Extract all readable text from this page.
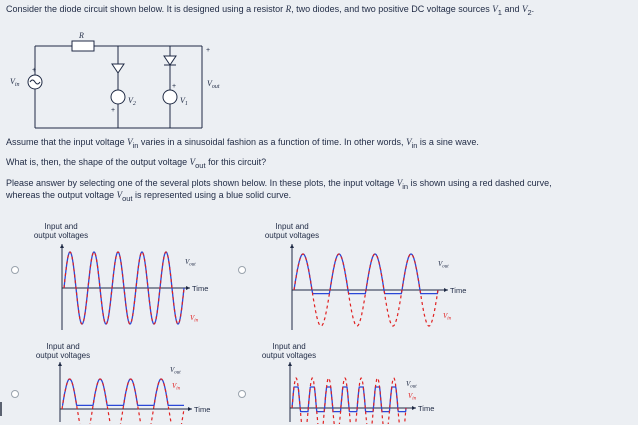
Consider the diode circuit shown below. It is designed using a resistor R, two diodes, and two positive DC voltage sources $V_1$ and $V_2$.
R
$V_{in}$	$V_{out}$
$V_2$	$V_1$
+
+
+
+
Assume that the input voltage $V_{in}$ varies in a sinusoidal fashion as a function of time. In other words, $V_{in}$ is a sine wave.
What is, then, the shape of the output voltage $V_{out}$ for this circuit?
Please answer by selecting one of the several plots shown below. In these plots, the input voltage $V_{in}$ is shown using a red dashed curve,
whereas the output voltage $V_{out}$ is represented using a blue solid curve.
Input and
output voltages
Time
$V_{out}$
$V_{in}$
Input and
output voltages
Time
$V_{out}$
$V_{in}$
Input and
output voltages
Time
$V_{out}$
$V_{in}$
Input and
output voltages
Time
$V_{out}$
$V_{in}$
